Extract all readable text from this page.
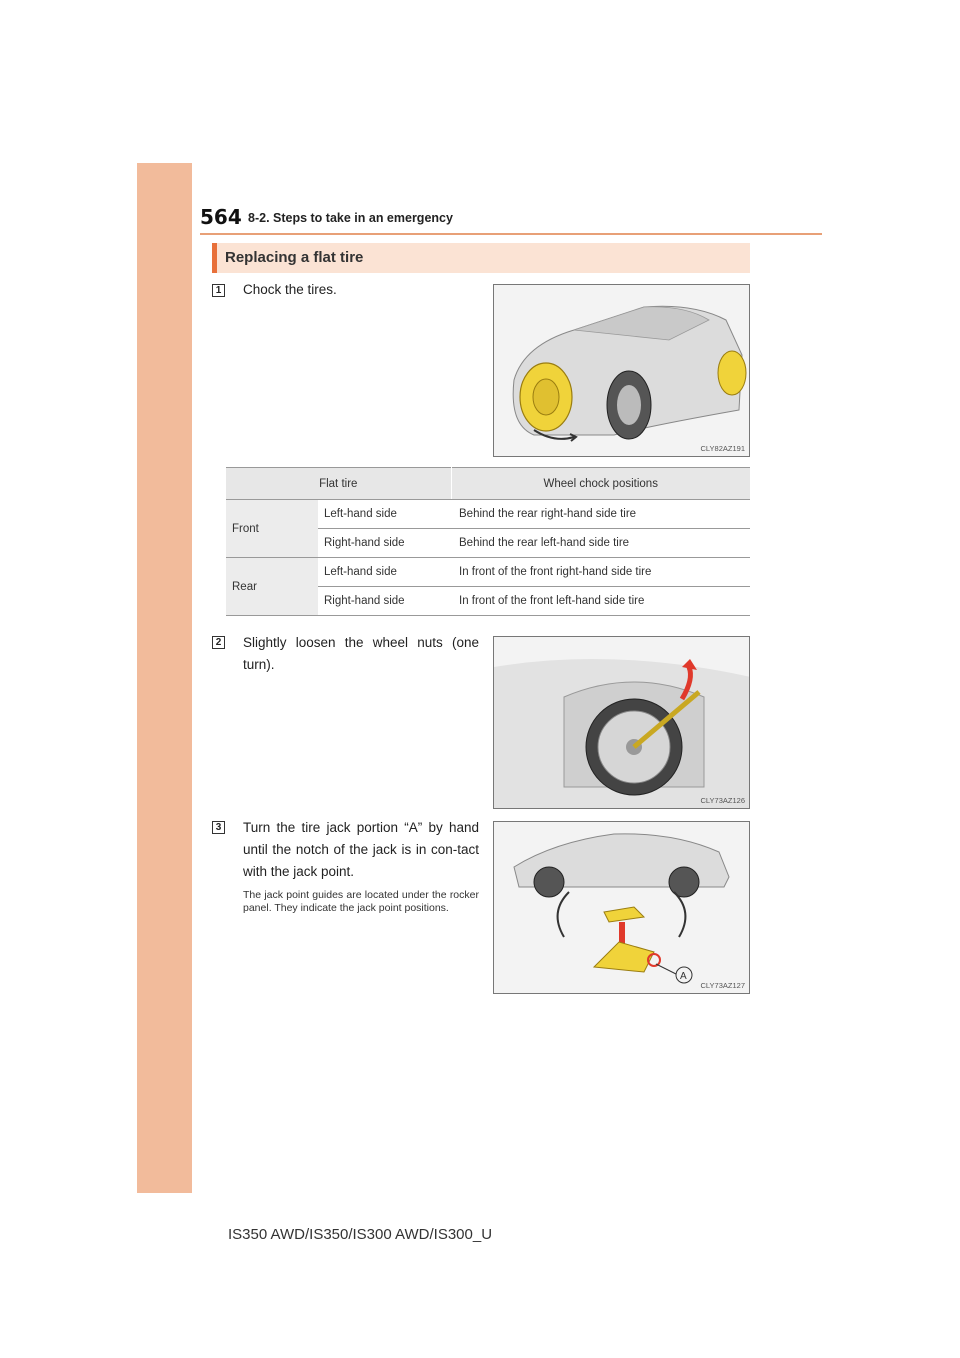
564 8-2. Steps to take in an emergency
Replacing a flat tire
1 Chock the tires.
CLY82AZ191
Flat tire		Wheel chock positions
Front	Left-hand side	Behind the rear right-hand side tire
	Right-hand side	Behind the rear left-hand side tire
Rear	Left-hand side	In front of the front right-hand side tire
	Right-hand side	In front of the front left-hand side tire
2 Slightly loosen the wheel nuts (one turn).
CLY73AZ126
3 Turn the tire jack portion “A” by hand until the notch of the jack is in con-tact with the jack point.
The jack point guides are located under the rocker panel. They indicate the jack point positions.
A
CLY73AZ127
IS350 AWD/IS350/IS300 AWD/IS300_U
